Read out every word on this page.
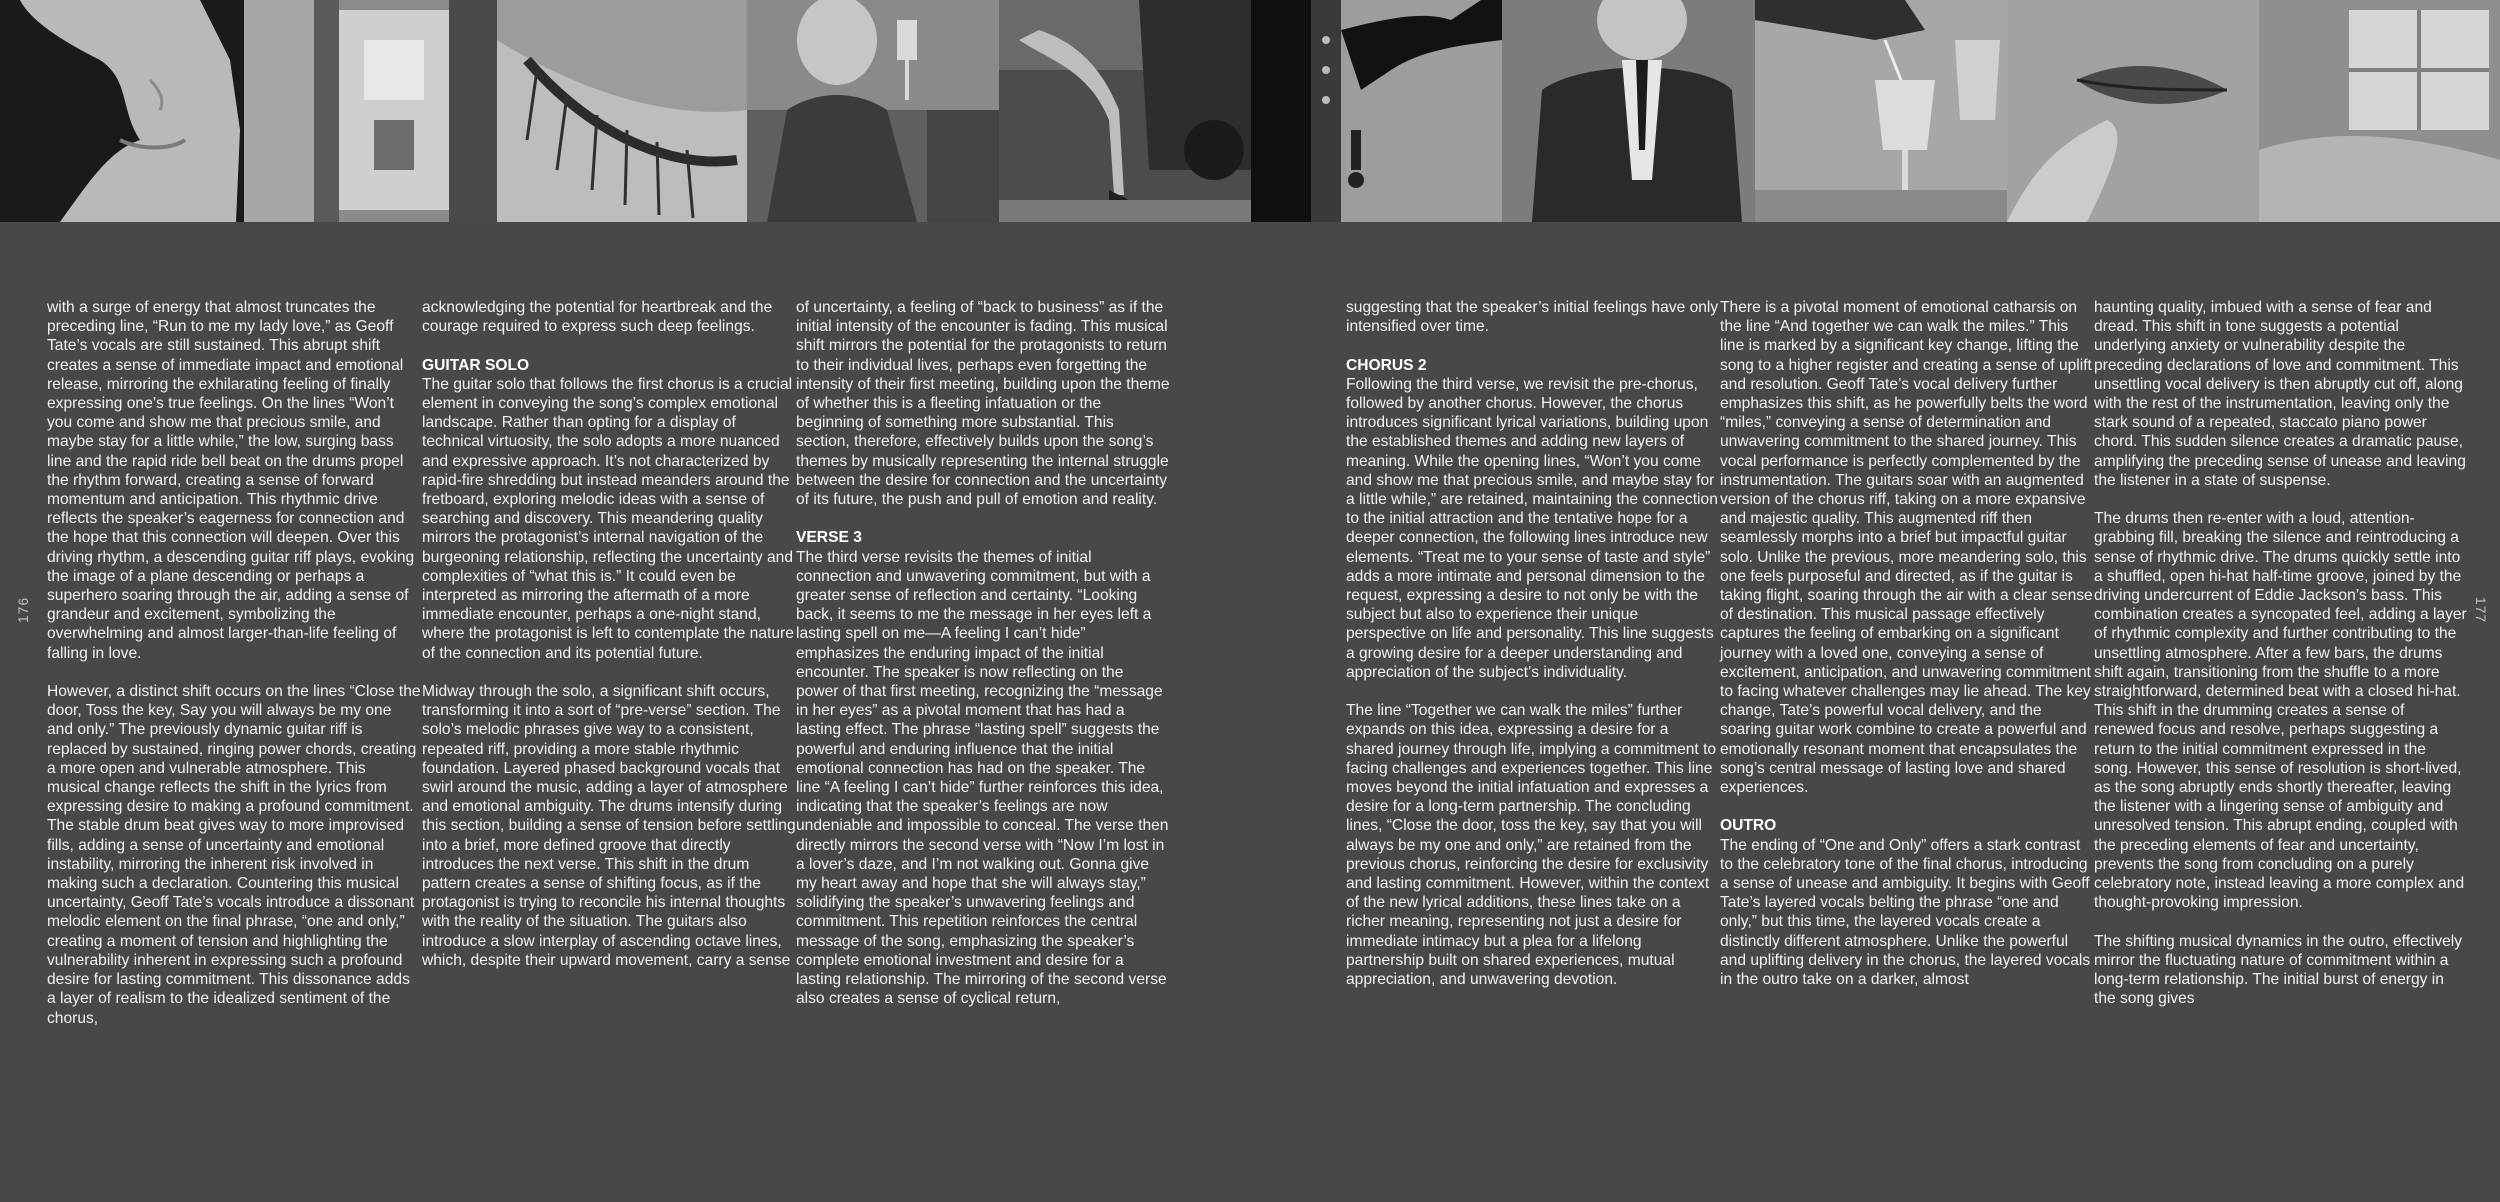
176	177

with a surge of energy that almost truncates the preceding line, “Run to me my lady love,” as Geoff Tate’s vocals are still sustained. This abrupt shift creates a sense of immediate impact and emotional release, mirroring the exhilarating feeling of finally expressing one’s true feelings. On the lines “Won’t you come and show me that precious smile, and maybe stay for a little while,” the low, surging bass line and the rapid ride bell beat on the drums propel the rhythm forward, creating a sense of forward momentum and anticipation. This rhythmic drive reflects the speaker’s eagerness for connection and the hope that this connection will deepen. Over this driving rhythm, a descending guitar riff plays, evoking the image of a plane descending or perhaps a superhero soaring through the air, adding a sense of grandeur and excitement, symbolizing the overwhelming and almost larger-than-life feeling of falling in love.

However, a distinct shift occurs on the lines “Close the door, Toss the key, Say you will always be my one and only.” The previously dynamic guitar riff is replaced by sustained, ringing power chords, creating a more open and vulnerable atmosphere. This musical change reflects the shift in the lyrics from expressing desire to making a profound commitment. The stable drum beat gives way to more improvised fills, adding a sense of uncertainty and emotional instability, mirroring the inherent risk involved in making such a declaration. Countering this musical uncertainty, Geoff Tate’s vocals introduce a dissonant melodic element on the final phrase, “one and only,” creating a moment of tension and highlighting the vulnerability inherent in expressing such a profound desire for lasting commitment. This dissonance adds a layer of realism to the idealized sentiment of the chorus,

acknowledging the potential for heartbreak and the courage required to express such deep feelings.

GUITAR SOLO

The guitar solo that follows the first chorus is a crucial element in conveying the song’s complex emotional landscape. Rather than opting for a display of technical virtuosity, the solo adopts a more nuanced and expressive approach. It’s not characterized by rapid-fire shredding but instead meanders around the fretboard, exploring melodic ideas with a sense of searching and discovery. This meandering quality mirrors the protagonist’s internal navigation of the burgeoning relationship, reflecting the uncertainty and complexities of “what this is.” It could even be interpreted as mirroring the aftermath of a more immediate encounter, perhaps a one-night stand, where the protagonist is left to contemplate the nature of the connection and its potential future.

Midway through the solo, a significant shift occurs, transforming it into a sort of “pre-verse” section. The solo’s melodic phrases give way to a consistent, repeated riff, providing a more stable rhythmic foundation. Layered phased background vocals that swirl around the music, adding a layer of atmosphere and emotional ambiguity. The drums intensify during this section, building a sense of tension before settling into a brief, more defined groove that directly introduces the next verse. This shift in the drum pattern creates a sense of shifting focus, as if the protagonist is trying to reconcile his internal thoughts with the reality of the situation. The guitars also introduce a slow interplay of ascending octave lines, which, despite their upward movement, carry a sense

of uncertainty, a feeling of “back to business” as if the initial intensity of the encounter is fading. This musical shift mirrors the potential for the protagonists to return to their individual lives, perhaps even forgetting the intensity of their first meeting, building upon the theme of whether this is a fleeting infatuation or the beginning of something more substantial. This section, therefore, effectively builds upon the song’s themes by musically representing the internal struggle between the desire for connection and the uncertainty of its future, the push and pull of emotion and reality.

VERSE 3

The third verse revisits the themes of initial connection and unwavering commitment, but with a greater sense of reflection and certainty. “Looking back, it seems to me the message in her eyes left a lasting spell on me—A feeling I can’t hide” emphasizes the enduring impact of the initial encounter. The speaker is now reflecting on the power of that first meeting, recognizing the “message in her eyes” as a pivotal moment that has had a lasting effect. The phrase “lasting spell” suggests the powerful and enduring influence that the initial emotional connection has had on the speaker. The line “A feeling I can’t hide” further reinforces this idea, indicating that the speaker’s feelings are now undeniable and impossible to conceal. The verse then directly mirrors the second verse with “Now I’m lost in a lover’s daze, and I’m not walking out. Gonna give my heart away and hope that she will always stay,” solidifying the speaker’s unwavering feelings and commitment. This repetition reinforces the central message of the song, emphasizing the speaker’s complete emotional investment and desire for a lasting relationship. The mirroring of the second verse also creates a sense of cyclical return,

suggesting that the speaker’s initial feelings have only intensified over time.

CHORUS 2

Following the third verse, we revisit the pre-chorus, followed by another chorus. However, the chorus introduces significant lyrical variations, building upon the established themes and adding new layers of meaning. While the opening lines, “Won’t you come and show me that precious smile, and maybe stay for a little while,” are retained, maintaining the connection to the initial attraction and the tentative hope for a deeper connection, the following lines introduce new elements. “Treat me to your sense of taste and style” adds a more intimate and personal dimension to the request, expressing a desire to not only be with the subject but also to experience their unique perspective on life and personality. This line suggests a growing desire for a deeper understanding and appreciation of the subject’s individuality.

The line “Together we can walk the miles” further expands on this idea, expressing a desire for a shared journey through life, implying a commitment to facing challenges and experiences together. This line moves beyond the initial infatuation and expresses a desire for a long-term partnership. The concluding lines, “Close the door, toss the key, say that you will always be my one and only,” are retained from the previous chorus, reinforcing the desire for exclusivity and lasting commitment. However, within the context of the new lyrical additions, these lines take on a richer meaning, representing not just a desire for immediate intimacy but a plea for a lifelong partnership built on shared experiences, mutual appreciation, and unwavering devotion.

There is a pivotal moment of emotional catharsis on the line “And together we can walk the miles.” This line is marked by a significant key change, lifting the song to a higher register and creating a sense of uplift and resolution. Geoff Tate’s vocal delivery further emphasizes this shift, as he powerfully belts the word “miles,” conveying a sense of determination and unwavering commitment to the shared journey. This vocal performance is perfectly complemented by the instrumentation. The guitars soar with an augmented version of the chorus riff, taking on a more expansive and majestic quality. This augmented riff then seamlessly morphs into a brief but impactful guitar solo. Unlike the previous, more meandering solo, this one feels purposeful and directed, as if the guitar is taking flight, soaring through the air with a clear sense of destination. This musical passage effectively captures the feeling of embarking on a significant journey with a loved one, conveying a sense of excitement, anticipation, and unwavering commitment to facing whatever challenges may lie ahead. The key change, Tate’s powerful vocal delivery, and the soaring guitar work combine to create a powerful and emotionally resonant moment that encapsulates the song’s central message of lasting love and shared experiences.

OUTRO

The ending of “One and Only” offers a stark contrast to the celebratory tone of the final chorus, introducing a sense of unease and ambiguity. It begins with Geoff Tate’s layered vocals belting the phrase “one and only,” but this time, the layered vocals create a distinctly different atmosphere. Unlike the powerful and uplifting delivery in the chorus, the layered vocals in the outro take on a darker, almost

haunting quality, imbued with a sense of fear and dread. This shift in tone suggests a potential underlying anxiety or vulnerability despite the preceding declarations of love and commitment. This unsettling vocal delivery is then abruptly cut off, along with the rest of the instrumentation, leaving only the stark sound of a repeated, staccato piano power chord. This sudden silence creates a dramatic pause, amplifying the preceding sense of unease and leaving the listener in a state of suspense.

The drums then re-enter with a loud, attention-grabbing fill, breaking the silence and reintroducing a sense of rhythmic drive. The drums quickly settle into a shuffled, open hi-hat half-time groove, joined by the driving undercurrent of Eddie Jackson’s bass. This combination creates a syncopated feel, adding a layer of rhythmic complexity and further contributing to the unsettling atmosphere. After a few bars, the drums shift again, transitioning from the shuffle to a more straightforward, determined beat with a closed hi-hat. This shift in the drumming creates a sense of renewed focus and resolve, perhaps suggesting a return to the initial commitment expressed in the song. However, this sense of resolution is short-lived, as the song abruptly ends shortly thereafter, leaving the listener with a lingering sense of ambiguity and unresolved tension. This abrupt ending, coupled with the preceding elements of fear and uncertainty, prevents the song from concluding on a purely celebratory note, instead leaving a more complex and thought-provoking impression.

The shifting musical dynamics in the outro, effectively mirror the fluctuating nature of commitment within a long-term relationship. The initial burst of energy in the song gives
